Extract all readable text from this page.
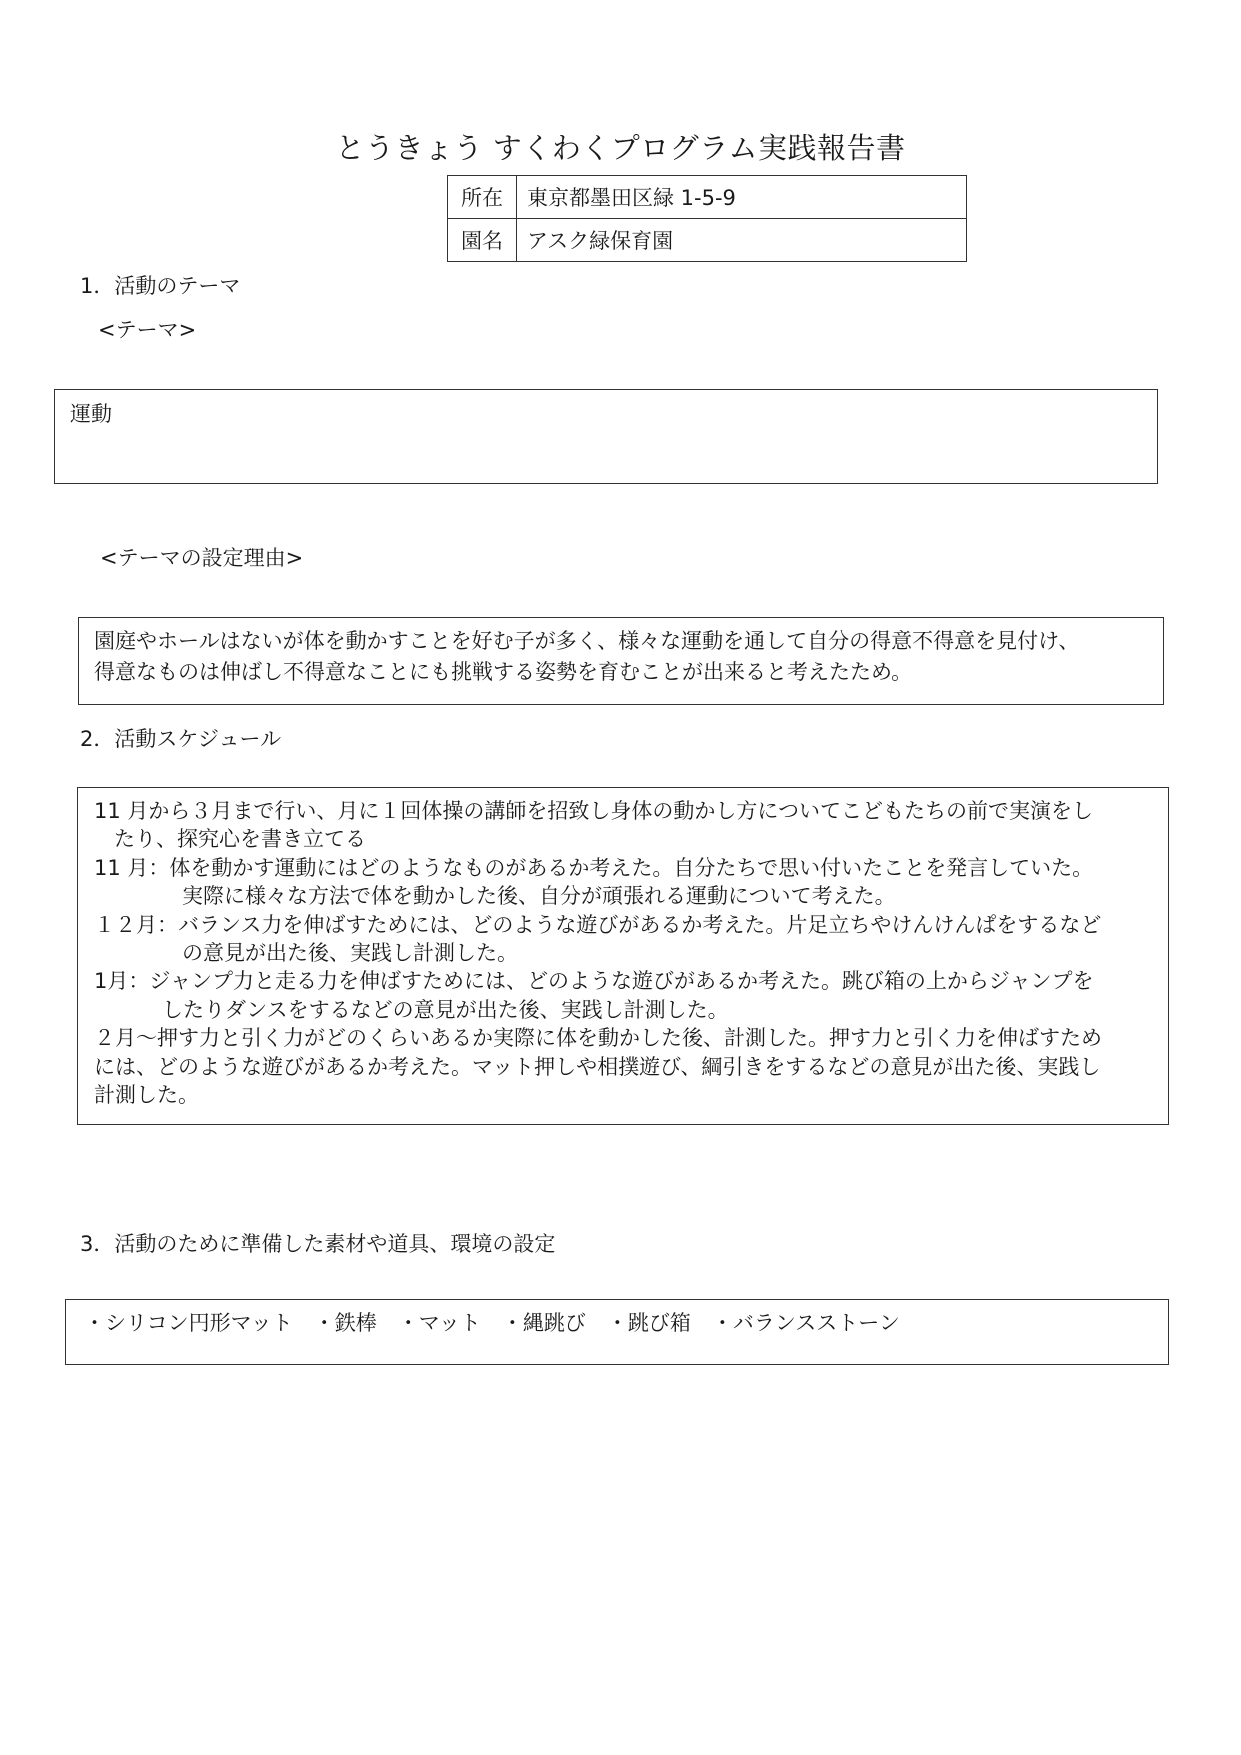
とうきょう すくわくプログラム実践報告書
所在	東京都墨田区緑 1-5-9
園名	アスク緑保育園
1．活動のテーマ
<テーマ>
運動
<テーマの設定理由>
園庭やホールはないが体を動かすことを好む子が多く、様々な運動を通して自分の得意不得意を見付け、
得意なものは伸ばし不得意なことにも挑戦する姿勢を育むことが出来ると考えたため。
2．活動スケジュール
11 月から３月まで行い、月に１回体操の講師を招致し身体の動かし方についてこどもたちの前で実演をし
たり、探究心を書き立てる
11 月：体を動かす運動にはどのようなものがあるか考えた。自分たちで思い付いたことを発言していた。
実際に様々な方法で体を動かした後、自分が頑張れる運動について考えた。
１２月：バランス力を伸ばすためには、どのような遊びがあるか考えた。片足立ちやけんけんぱをするなど
の意見が出た後、実践し計測した。
1月：ジャンプ力と走る力を伸ばすためには、どのような遊びがあるか考えた。跳び箱の上からジャンプを
したりダンスをするなどの意見が出た後、実践し計測した。
２月～押す力と引く力がどのくらいあるか実際に体を動かした後、計測した。押す力と引く力を伸ばすため
には、どのような遊びがあるか考えた。マット押しや相撲遊び、綱引きをするなどの意見が出た後、実践し
計測した。
3．活動のために準備した素材や道具、環境の設定
・シリコン円形マット　・鉄棒　・マット　・縄跳び　・跳び箱　・バランスストーン
